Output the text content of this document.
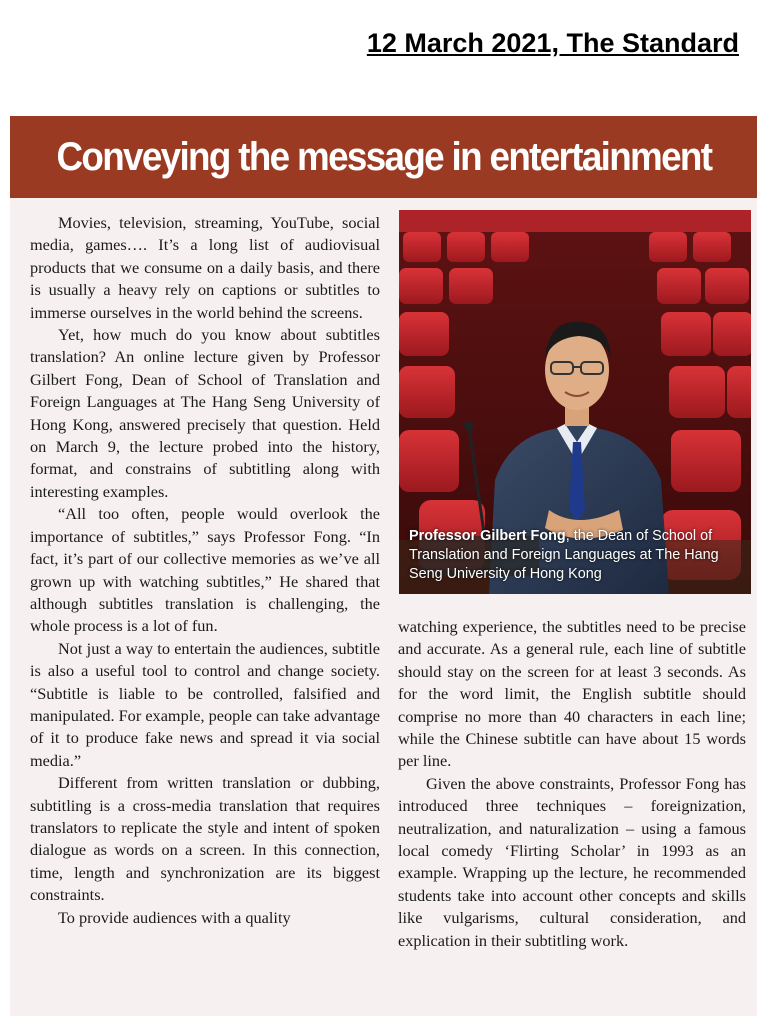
12 March 2021, The Standard
Conveying the message in entertainment

Movies, television, streaming, YouTube, social media, games…. It’s a long list of audiovisual products that we consume on a daily basis, and there is usually a heavy rely on captions or subtitles to immerse ourselves in the world behind the screens.

Yet, how much do you know about subtitles translation? An online lecture given by Professor Gilbert Fong, Dean of School of Translation and Foreign Languages at The Hang Seng University of Hong Kong, answered precisely that question. Held on March 9, the lecture probed into the history, format, and constrains of subtitling along with interesting examples.

“All too often, people would overlook the importance of subtitles,” says Professor Fong. “In fact, it’s part of our collective memories as we’ve all grown up with watching subtitles,” He shared that although subtitles translation is challenging, the whole process is a lot of fun.

Not just a way to entertain the audiences, subtitle is also a useful tool to control and change society. “Subtitle is liable to be controlled, falsified and manipulated. For example, people can take advantage of it to produce fake news and spread it via social media.”

Different from written translation or dubbing, subtitling is a cross-media translation that requires translators to replicate the style and intent of spoken dialogue as words on a screen. In this connection, time, length and synchronization are its biggest constraints.

To provide audiences with a quality

Professor Gilbert Fong, the Dean of School of Translation and Foreign Languages at The Hang Seng University of Hong Kong

watching experience, the subtitles need to be precise and accurate. As a general rule, each line of subtitle should stay on the screen for at least 3 seconds. As for the word limit, the English subtitle should comprise no more than 40 characters in each line; while the Chinese subtitle can have about 15 words per line.

Given the above constraints, Professor Fong has introduced three techniques – foreignization, neutralization, and naturalization – using a famous local comedy ‘Flirting Scholar’ in 1993 as an example. Wrapping up the lecture, he recommended students take into account other concepts and skills like vulgarisms, cultural consideration, and explication in their subtitling work.
